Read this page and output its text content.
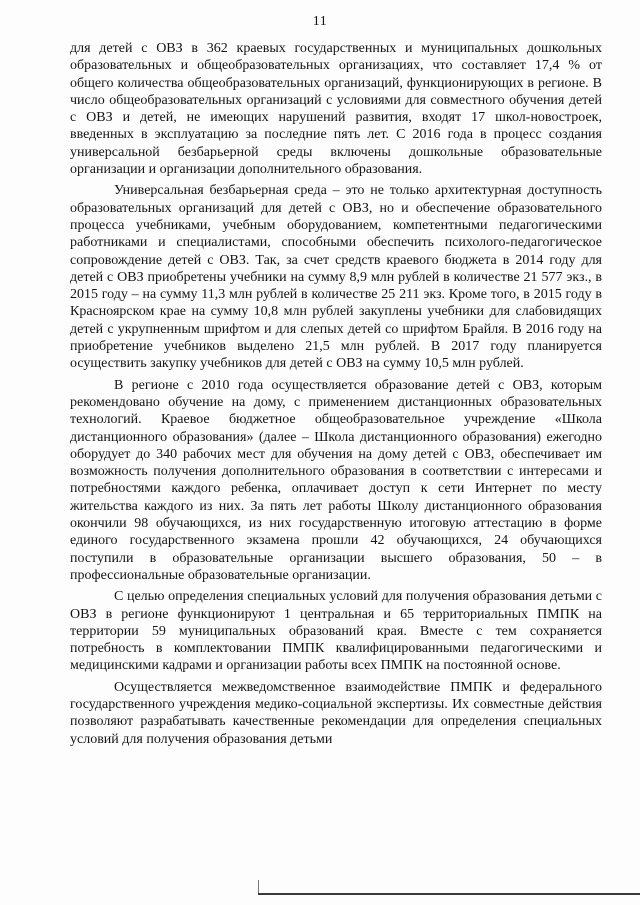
11

для детей с ОВЗ в 362 краевых государственных и муниципальных дошкольных образовательных и общеобразовательных организациях, что составляет 17,4 % от общего количества общеобразовательных организаций, функционирующих в регионе. В число общеобразовательных организаций с условиями для совместного обучения детей с ОВЗ и детей, не имеющих нарушений развития, входят 17 школ-новостроек, введенных в эксплуатацию за последние пять лет. С 2016 года в процесс создания универсальной безбарьерной среды включены дошкольные образовательные организации и организации дополнительного образования.

Универсальная безбарьерная среда – это не только архитектурная доступность образовательных организаций для детей с ОВЗ, но и обеспечение образовательного процесса учебниками, учебным оборудованием, компетентными педагогическими работниками и специалистами, способными обеспечить психолого-педагогическое сопровождение детей с ОВЗ. Так, за счет средств краевого бюджета в 2014 году для детей с ОВЗ приобретены учебники на сумму 8,9 млн рублей в количестве 21 577 экз., в 2015 году – на сумму 11,3 млн рублей в количестве 25 211 экз. Кроме того, в 2015 году в Красноярском крае на сумму 10,8 млн рублей закуплены учебники для слабовидящих детей с укрупненным шрифтом и для слепых детей со шрифтом Брайля. В 2016 году на приобретение учебников выделено 21,5 млн рублей. В 2017 году планируется осуществить закупку учебников для детей с ОВЗ на сумму 10,5 млн рублей.

В регионе с 2010 года осуществляется образование детей с ОВЗ, которым рекомендовано обучение на дому, с применением дистанционных образовательных технологий. Краевое бюджетное общеобразовательное учреждение «Школа дистанционного образования» (далее – Школа дистанционного образования) ежегодно оборудует до 340 рабочих мест для обучения на дому детей с ОВЗ, обеспечивает им возможность получения дополнительного образования в соответствии с интересами и потребностями каждого ребенка, оплачивает доступ к сети Интернет по месту жительства каждого из них. За пять лет работы Школу дистанционного образования окончили 98 обучающихся, из них государственную итоговую аттестацию в форме единого государственного экзамена прошли 42 обучающихся, 24 обучающихся поступили в образовательные организации высшего образования, 50 – в профессиональные образовательные организации.

С целью определения специальных условий для получения образования детьми с ОВЗ в регионе функционируют 1 центральная и 65 территориальных ПМПК на территории 59 муниципальных образований края. Вместе с тем сохраняется потребность в комплектовании ПМПК квалифицированными педагогическими и медицинскими кадрами и организации работы всех ПМПК на постоянной основе.

Осуществляется межведомственное взаимодействие ПМПК и федерального государственного учреждения медико-социальной экспертизы. Их совместные действия позволяют разрабатывать качественные рекомендации для определения специальных условий для получения образования детьми
